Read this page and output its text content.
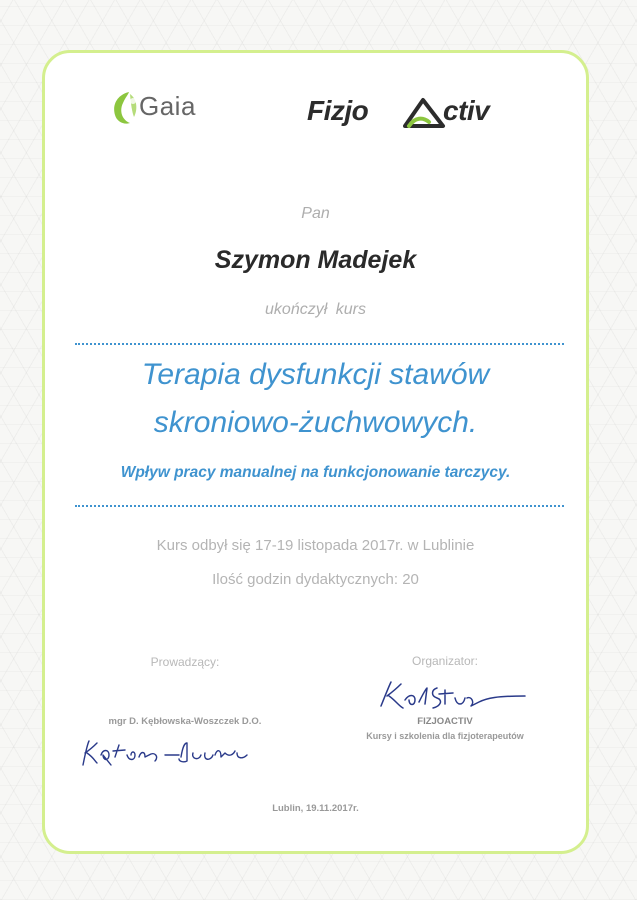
Gaia	Fizjo	ctiv
Pan
Szymon Madejek
ukończył kurs
Terapia dysfunkcji stawów
skroniowo-żuchwowych.
Wpływ pracy manualnej na funkcjonowanie tarczycy.
Kurs odbył się 17-19 listopada 2017r. w Lublinie
Ilość godzin dydaktycznych: 20
Prowadzący:	Organizator:
mgr D. Kębłowska-Woszczek D.O.	FIZJOACTIV
Kursy i szkolenia dla fizjoterapeutów
Lublin, 19.11.2017r.
